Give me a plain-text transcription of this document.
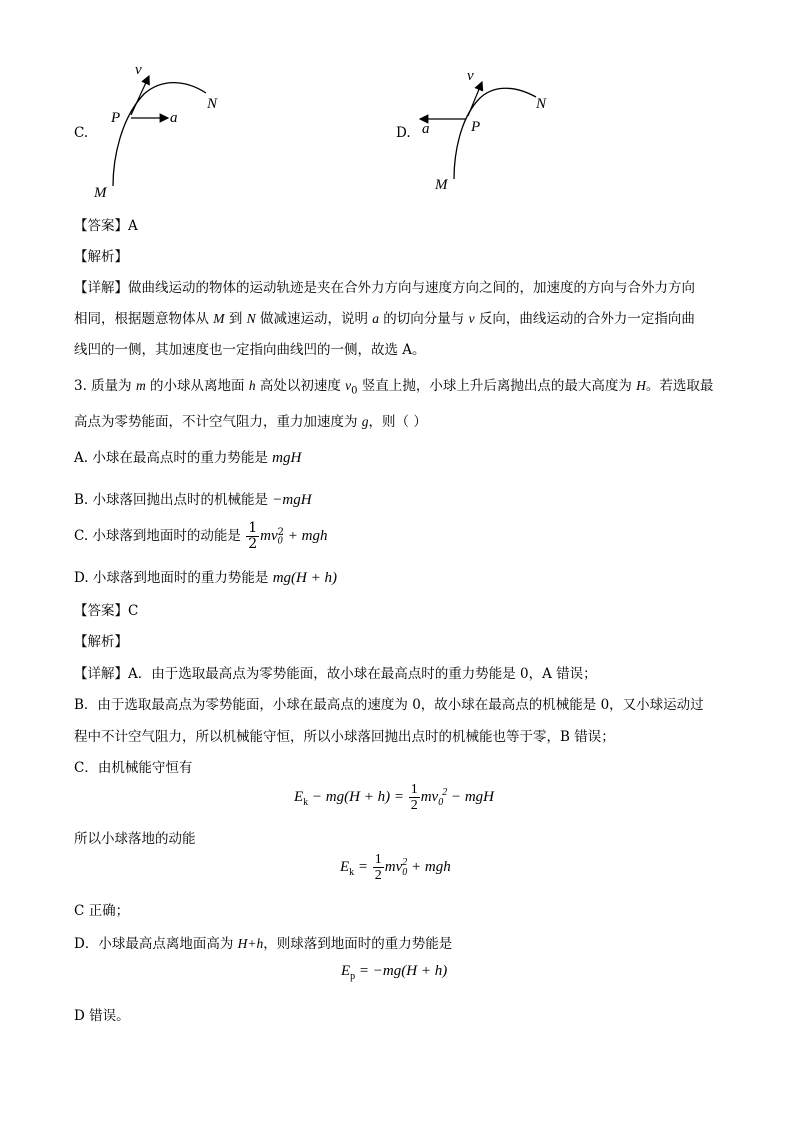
C.
v
P	a
N
M
D.
v
P
a
N
M
【答案】A
【解析】
【详解】做曲线运动的物体的运动轨迹是夹在合外力方向与速度方向之间的，加速度的方向与合外力方向
相同，根据题意物体从 M 到 N 做减速运动，说明 a 的切向分量与 v 反向，曲线运动的合外力一定指向曲
线凹的一侧，其加速度也一定指向曲线凹的一侧，故选 A。
3. 质量为 m 的小球从离地面 h 高处以初速度 $v_0$ 竖直上抛，小球上升后离抛出点的最大高度为 H。若选取最
高点为零势能面，不计空气阻力，重力加速度为 g，则（ ）
A. 小球在最高点时的重力势能是 mgH
B. 小球落回抛出点时的机械能是 −mgH
C. 小球落到地面时的动能是 $\frac{1}{2} mv_0^2$ + mgh
D. 小球落到地面时的重力势能是 mg(H + h)
【答案】C
【解析】
【详解】A．由于选取最高点为零势能面，故小球在最高点时的重力势能是 0，A 错误；
B．由于选取最高点为零势能面，小球在最高点的速度为 0，故小球在最高点的机械能是 0，又小球运动过
程中不计空气阻力，所以机械能守恒，所以小球落回抛出点时的机械能也等于零，B 错误；
C．由机械能守恒有
$E_k - mg(H + h) = \frac{1}{2} mv_0^2$ − mgH
所以小球落地的动能
$E_k = \frac{1}{2} mv_0^2$ + mgh
C 正确；
D．小球最高点离地面高为 H+h，则球落到地面时的重力势能是
$E_p = -mg(H + h)$
D 错误。
